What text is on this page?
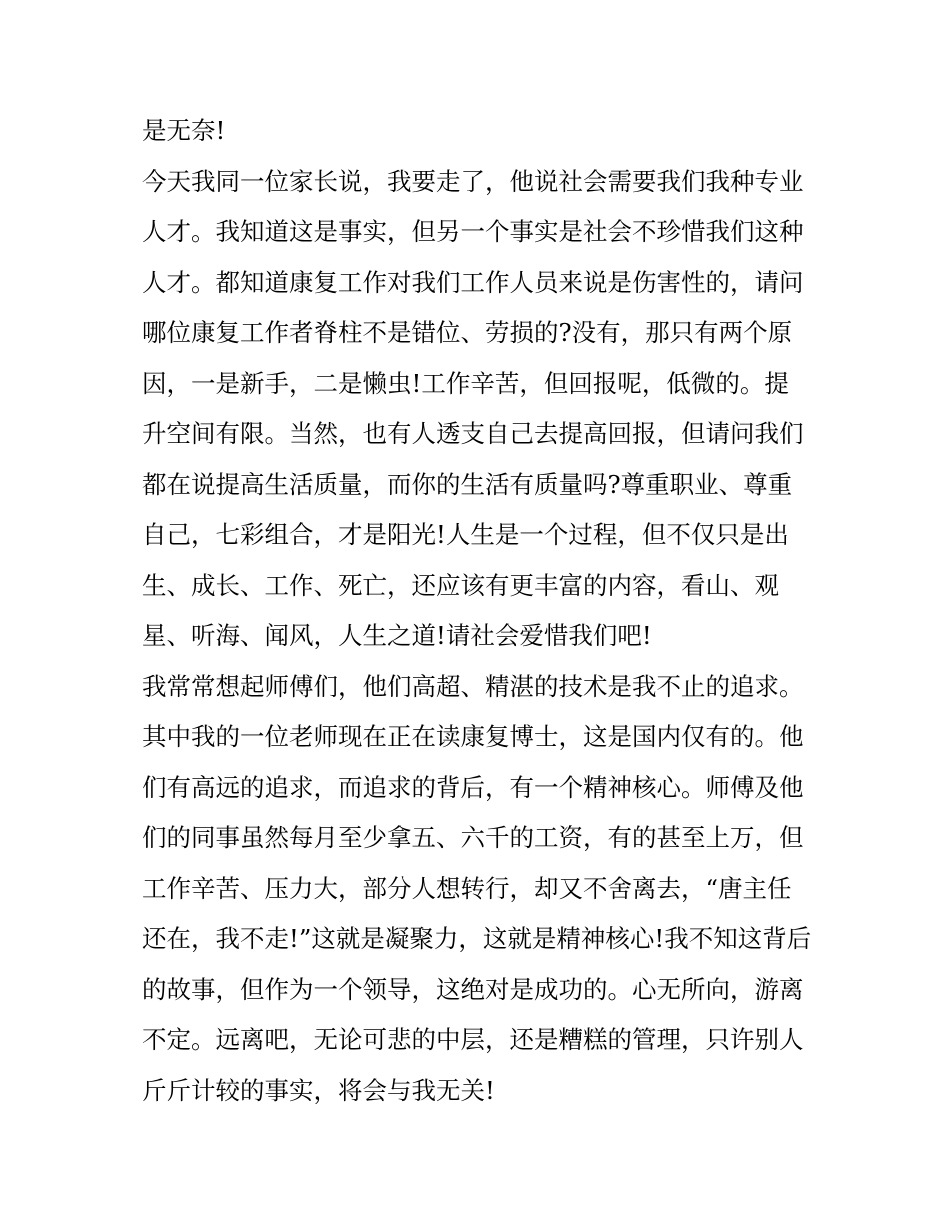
是无奈!
今天我同一位家长说，我要走了，他说社会需要我们我种专业
人才。我知道这是事实，但另一个事实是社会不珍惜我们这种
人才。都知道康复工作对我们工作人员来说是伤害性的，请问
哪位康复工作者脊柱不是错位、劳损的?没有，那只有两个原
因，一是新手，二是懒虫!工作辛苦，但回报呢，低微的。提
升空间有限。当然，也有人透支自己去提高回报，但请问我们
都在说提高生活质量，而你的生活有质量吗?尊重职业、尊重
自己，七彩组合，才是阳光!人生是一个过程，但不仅只是出
生、成长、工作、死亡，还应该有更丰富的内容，看山、观
星、听海、闻风，人生之道!请社会爱惜我们吧!
我常常想起师傅们，他们高超、精湛的技术是我不止的追求。
其中我的一位老师现在正在读康复博士，这是国内仅有的。他
们有高远的追求，而追求的背后，有一个精神核心。师傅及他
们的同事虽然每月至少拿五、六千的工资，有的甚至上万，但
工作辛苦、压力大，部分人想转行，却又不舍离去，“唐主任
还在，我不走!”这就是凝聚力，这就是精神核心!我不知这背后
的故事，但作为一个领导，这绝对是成功的。心无所向，游离
不定。远离吧，无论可悲的中层，还是糟糕的管理，只许别人
斤斤计较的事实，将会与我无关!
